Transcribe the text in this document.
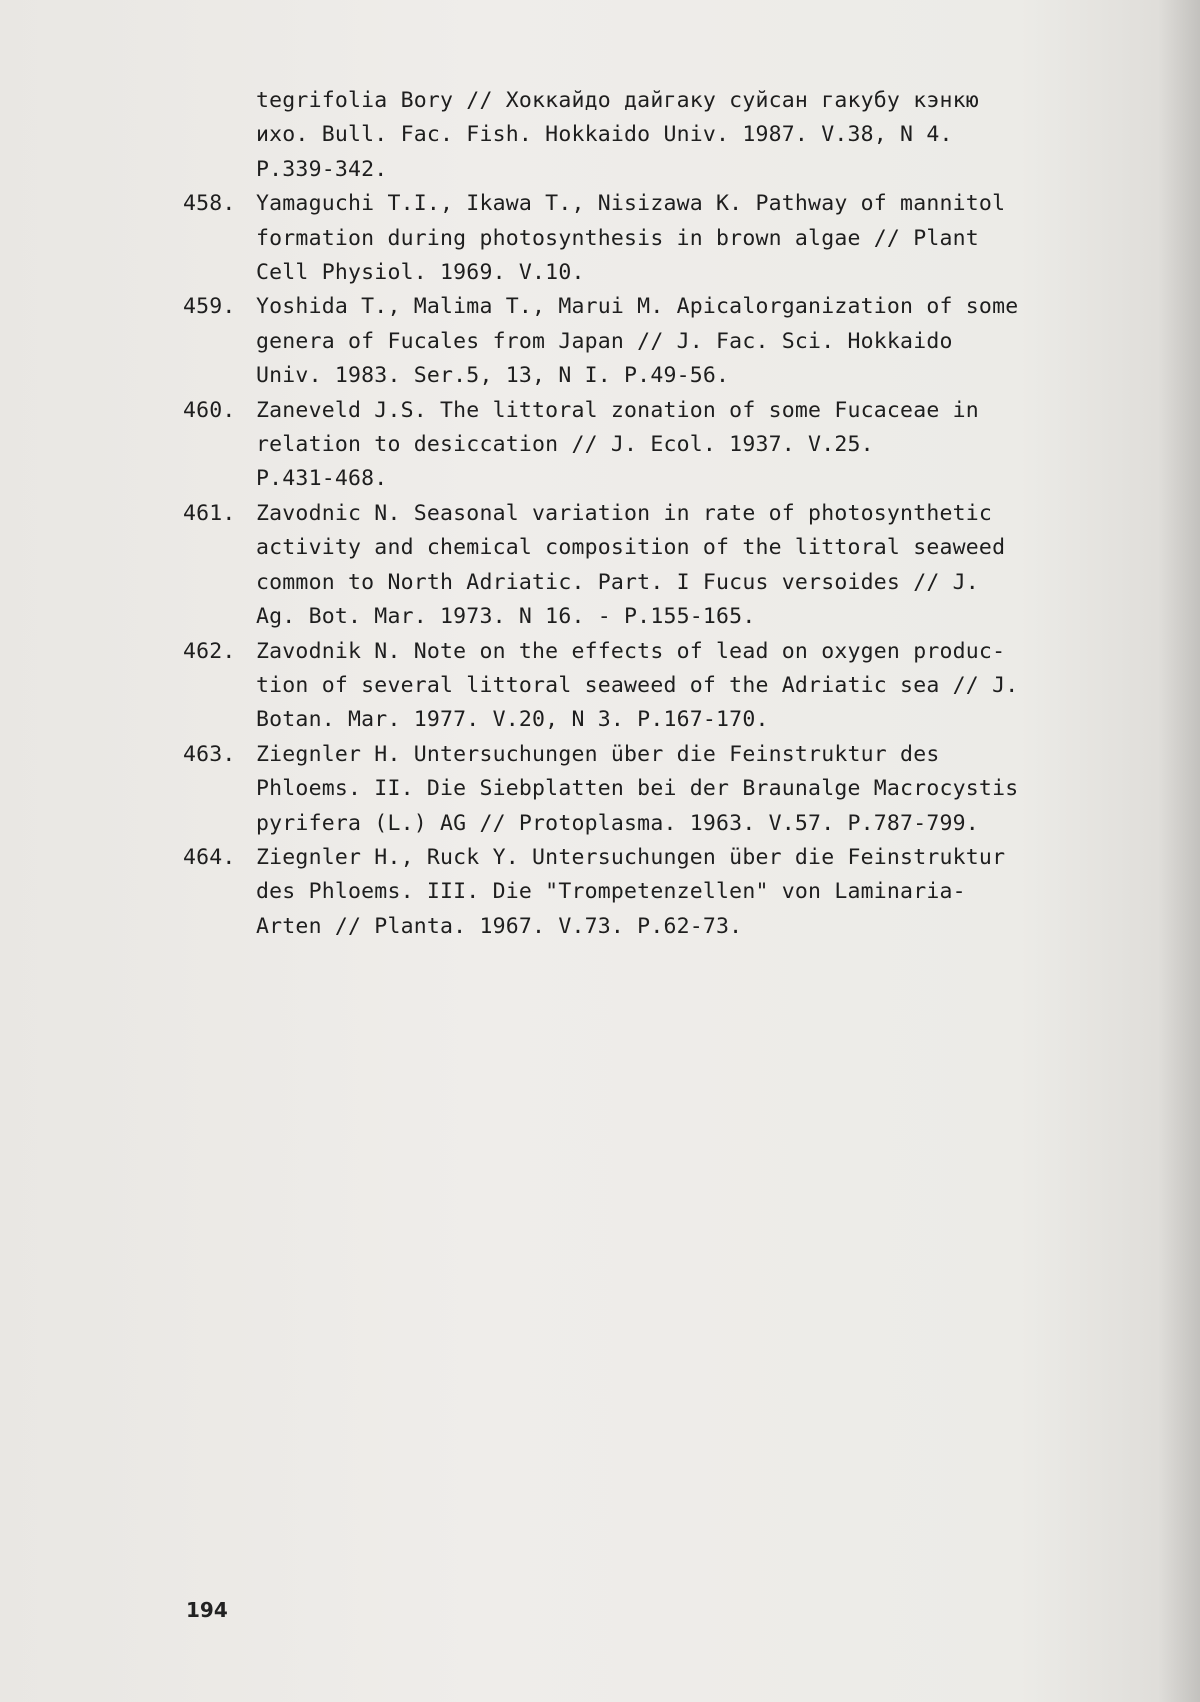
tegrifolia Bory // Хоккайдо дайгаку суйсан гакубу кэнкю
ихо. Bull. Fac. Fish. Hokkaido Univ. 1987. V.38, N 4.
P.339-342.
458. Yamaguchi T.I., Ikawa T., Nisizawa K. Pathway of mannitol
formation during photosynthesis in brown algae // Plant
Cell Physiol. 1969. V.10.
459. Yoshida T., Malima T., Marui M. Apicalorganization of some
genera of Fucales from Japan // J. Fac. Sci. Hokkaido
Univ. 1983. Ser.5, 13, N I. P.49-56.
460. Zaneveld J.S. The littoral zonation of some Fucaceae in
relation to desiccation // J. Ecol. 1937. V.25.
P.431-468.
461. Zavodnic N. Seasonal variation in rate of photosynthetic
activity and chemical composition of the littoral seaweed
common to North Adriatic. Part. I Fucus versoides // J.
Ag. Bot. Mar. 1973. N 16. - P.155-165.
462. Zavodnik N. Note on the effects of lead on oxygen produc-
tion of several littoral seaweed of the Adriatic sea // J.
Botan. Mar. 1977. V.20, N 3. P.167-170.
463. Ziegnler H. Untersuchungen über die Feinstruktur des
Phloems. II. Die Siebplatten bei der Braunalge Macrocystis
pyrifera (L.) AG // Protoplasma. 1963. V.57. P.787-799.
464. Ziegnler H., Ruck Y. Untersuchungen über die Feinstruktur
des Phloems. III. Die "Trompetenzellen" von Laminaria-
Arten // Planta. 1967. V.73. P.62-73.
194
